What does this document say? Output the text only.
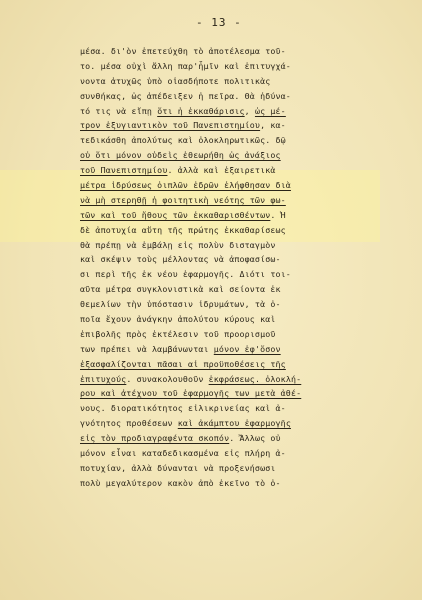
- 13 -
μέσα. δι'ὸν ἐπετεύχθη τὸ ἀποτέλεσμα τοῦ-
το. μέσα οὐχὶ ἄλλη παρ'ἧμῖν καὶ ἐπιτυγχά-
νοντα ἀτυχῶς ὑπὸ οἱασδήποτε πολιτικὰς
συνθήκας, ὡς ἀπέδειξεν ἡ πεῖρα. Θὰ ἠδύνα-
τό τις νὰ εἴπῃ ὅτι ἡ ἐκκαθάρισις, ὡς μέ-
τρον ἐξυγιαντικὸν τοῦ Πανεπιστημίου, κα-
τεδικάσθη ἀπολύτως καὶ ὁλοκληρωτικῶς. δῷ
οὐ ὅτι μόνον οὐδεὶς ἐθεωρήθη ὡς ἀνάξιος
τοῦ Πανεπιστημίου. ἀλλὰ καὶ ἐξαιρετικὰ
μέτρα ἱδρύσεως ὁιπλῶν ἑδρῶν ἐλήφθησαν διὰ
νὰ μὴ στερηθῇ ἡ φοιτητικὴ νεότης τῶν φω-
τῶν καὶ τοῦ ἤθους τῶν ἐκκαθαρισθέντων. Ἡ
δὲ ἀποτυχία αὕτη τῆς πρώτης ἐκκαθαρίσεως
θὰ πρέπῃ νὰ ἐμβάλῃ εἰς πολὺν δισταγμὸν
καὶ σκέψιν τοὺς μέλλοντας νὰ ἀποφασίσω-
σι περὶ τῆς ἐκ νέου ἐφαρμογῆς. Διότι τοι-
αῦτα μέτρα συγκλονιστικὰ καὶ σείοντα ἐκ
θεμελίων τὴν ὑπόστασιν ἱδρυμάτων, τὰ ὁ-
ποῖα ἔχουν ἀνάγκην ἀπολύτου κύρους καὶ
ἐπιβολῆς πρὸς ἐκτέλεσιν τοῦ προορισμοῦ
των πρέπει νὰ λαμβάνωνται μόνον ἐφ'ὅσον
ἐξασφαλίζονται πᾶσαι αἱ προϋποθέσεις τῆς
ἐπιτυχούς. συνακολουθοῦν ἐκφράσεως. ὁλοκλή-
ρου καὶ ἀτέχνου τοῦ ἐφαρμογῆς των μετὰ ἀθέ-
νους. διορατικότητος εἰλικρινείας καὶ ἀ-
γνότητος προθέσεων καὶ ἀκάμπτου ἐφαρμογῆς
εἰς τὸν προδιαγραφέντα σκοπόν. Ἄλλως οὐ
μόνον εἶναι καταδεδικασμένα εἰς πλήρη ἀ-
ποτυχίαν, ἀλλὰ δύνανται νὰ προξενήσωσι
πολὺ μεγαλύτερον κακὸν ἀπὸ ἐκεῖνο τὸ ὁ-
